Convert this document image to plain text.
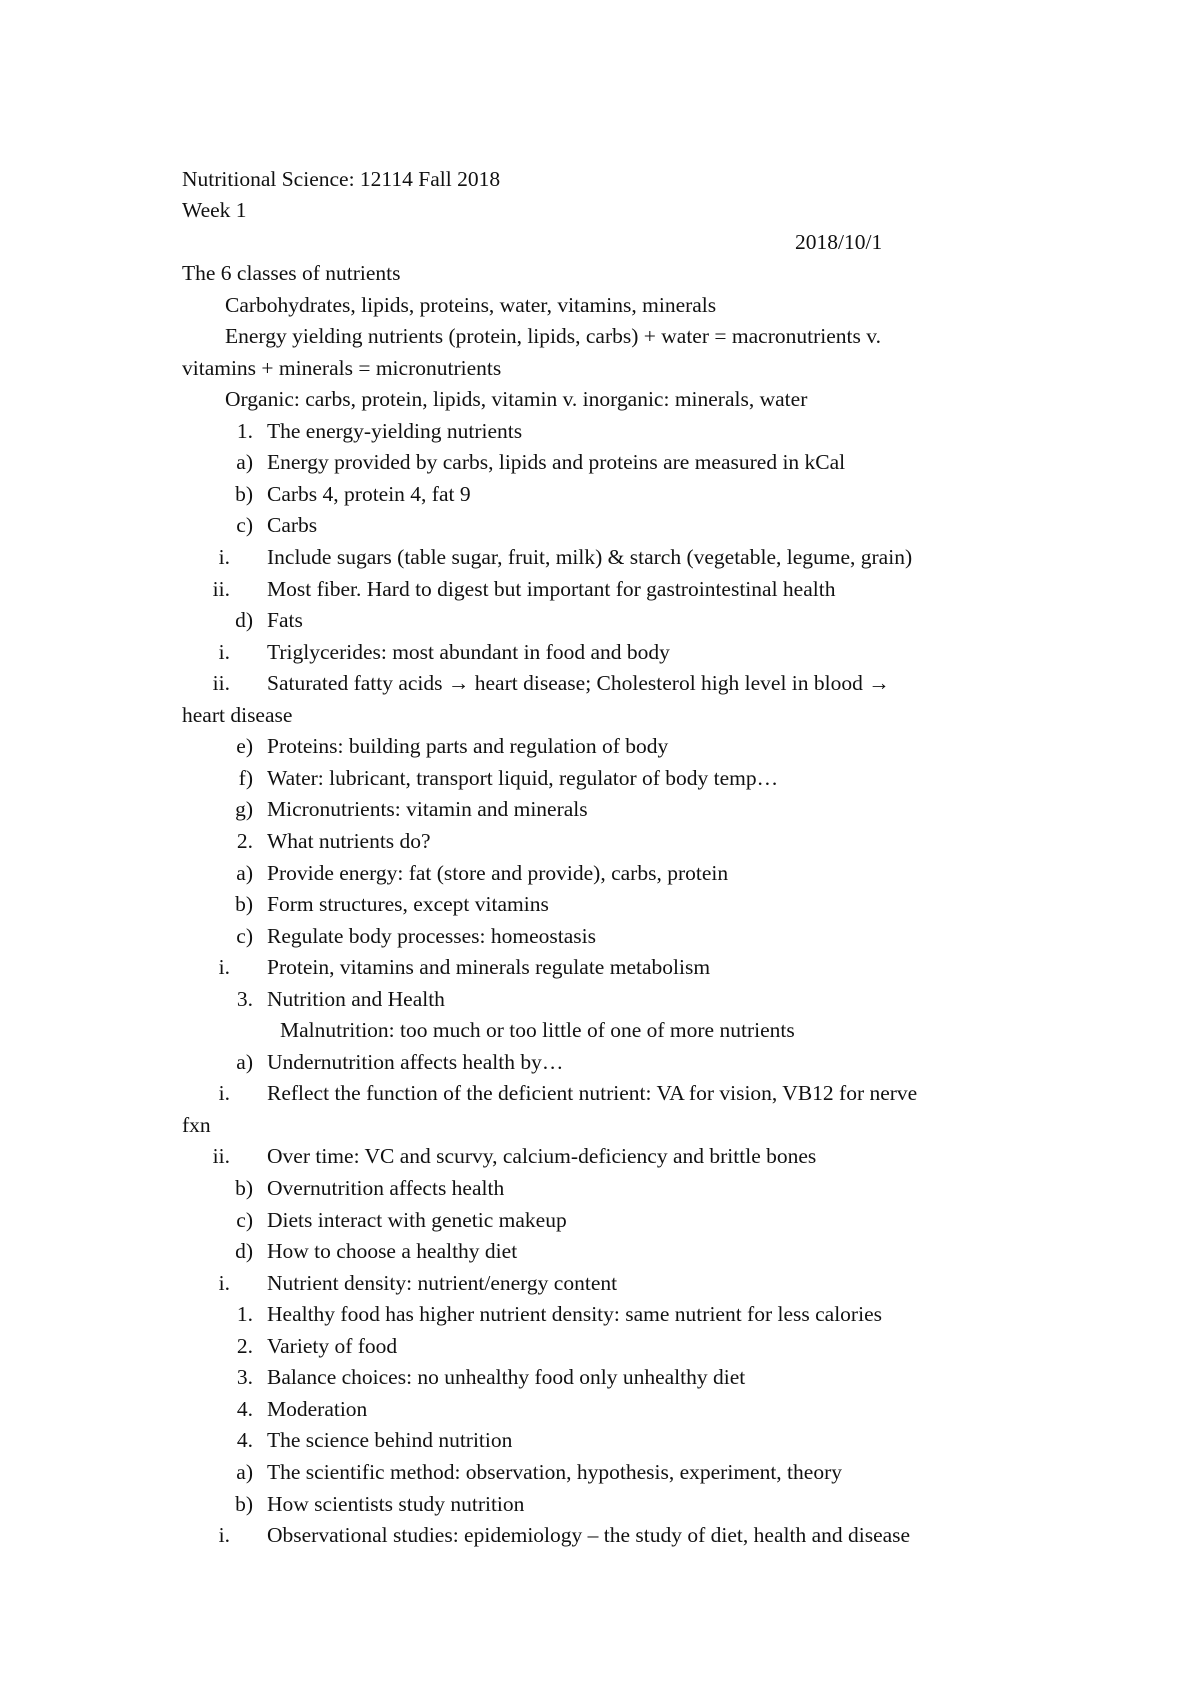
Nutritional Science: 12114 Fall 2018
Week 1
2018/10/1
The 6 classes of nutrients
Carbohydrates, lipids, proteins, water, vitamins, minerals
Energy yielding nutrients (protein, lipids, carbs) + water = macronutrients v.
vitamins + minerals = micronutrients
Organic: carbs, protein, lipids, vitamin v. inorganic: minerals, water
1. The energy-yielding nutrients
a) Energy provided by carbs, lipids and proteins are measured in kCal
b) Carbs 4, protein 4, fat 9
c) Carbs
i. Include sugars (table sugar, fruit, milk) & starch (vegetable, legume, grain)
ii. Most fiber. Hard to digest but important for gastrointestinal health
d) Fats
i. Triglycerides: most abundant in food and body
ii. Saturated fatty acids → heart disease; Cholesterol high level in blood →
heart disease
e) Proteins: building parts and regulation of body
f) Water: lubricant, transport liquid, regulator of body temp…
g) Micronutrients: vitamin and minerals
2. What nutrients do?
a) Provide energy: fat (store and provide), carbs, protein
b) Form structures, except vitamins
c) Regulate body processes: homeostasis
i. Protein, vitamins and minerals regulate metabolism
3. Nutrition and Health
Malnutrition: too much or too little of one of more nutrients
a) Undernutrition affects health by…
i. Reflect the function of the deficient nutrient: VA for vision, VB12 for nerve
fxn
ii. Over time: VC and scurvy, calcium-deficiency and brittle bones
b) Overnutrition affects health
c) Diets interact with genetic makeup
d) How to choose a healthy diet
i. Nutrient density: nutrient/energy content
1. Healthy food has higher nutrient density: same nutrient for less calories
2. Variety of food
3. Balance choices: no unhealthy food only unhealthy diet
4. Moderation
4. The science behind nutrition
a) The scientific method: observation, hypothesis, experiment, theory
b) How scientists study nutrition
i. Observational studies: epidemiology – the study of diet, health and disease
